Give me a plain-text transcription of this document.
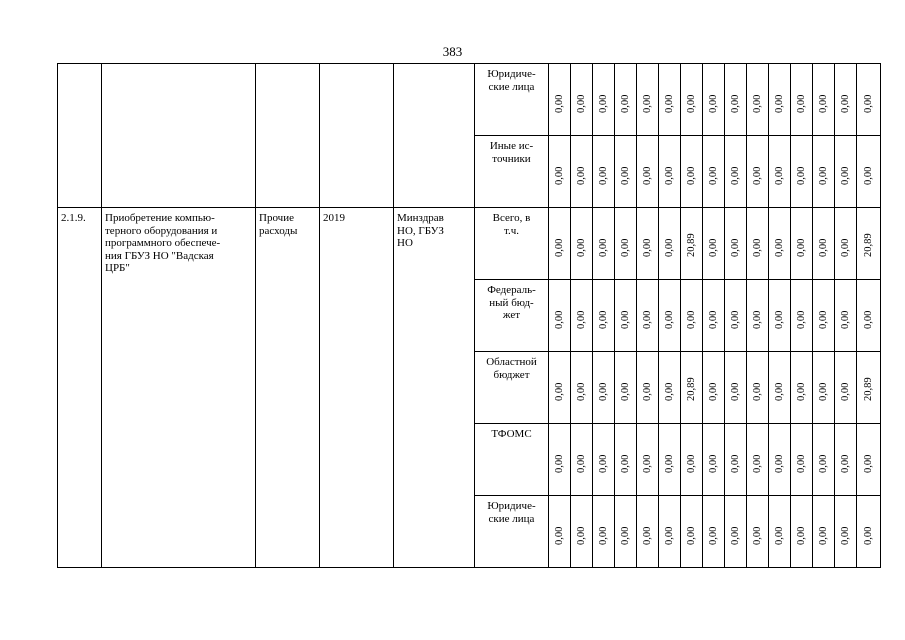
383

					Юридиче-
ские лица	0,00	0,00	0,00	0,00	0,00	0,00	0,00	0,00	0,00	0,00	0,00	0,00	0,00	0,00	0,00

					Иные ис-
точники	0,00	0,00	0,00	0,00	0,00	0,00	0,00	0,00	0,00	0,00	0,00	0,00	0,00	0,00	0,00

2.1.9.	Приобретение компью-
терного оборудования и
программного обеспече-
ния ГБУЗ НО "Вадская
ЦРБ"	Прочие
расходы	2019	Минздрав
НО, ГБУЗ
НО	Всего, в
т.ч.	0,00	0,00	0,00	0,00	0,00	0,00	20,89	0,00	0,00	0,00	0,00	0,00	0,00	0,00	20,89

					Федераль-
ный бюд-
жет	0,00	0,00	0,00	0,00	0,00	0,00	0,00	0,00	0,00	0,00	0,00	0,00	0,00	0,00	0,00

					Областной
бюджет	0,00	0,00	0,00	0,00	0,00	0,00	20,89	0,00	0,00	0,00	0,00	0,00	0,00	0,00	20,89

					ТФОМС	0,00	0,00	0,00	0,00	0,00	0,00	0,00	0,00	0,00	0,00	0,00	0,00	0,00	0,00	0,00

					Юридиче-
ские лица	0,00	0,00	0,00	0,00	0,00	0,00	0,00	0,00	0,00	0,00	0,00	0,00	0,00	0,00	0,00
